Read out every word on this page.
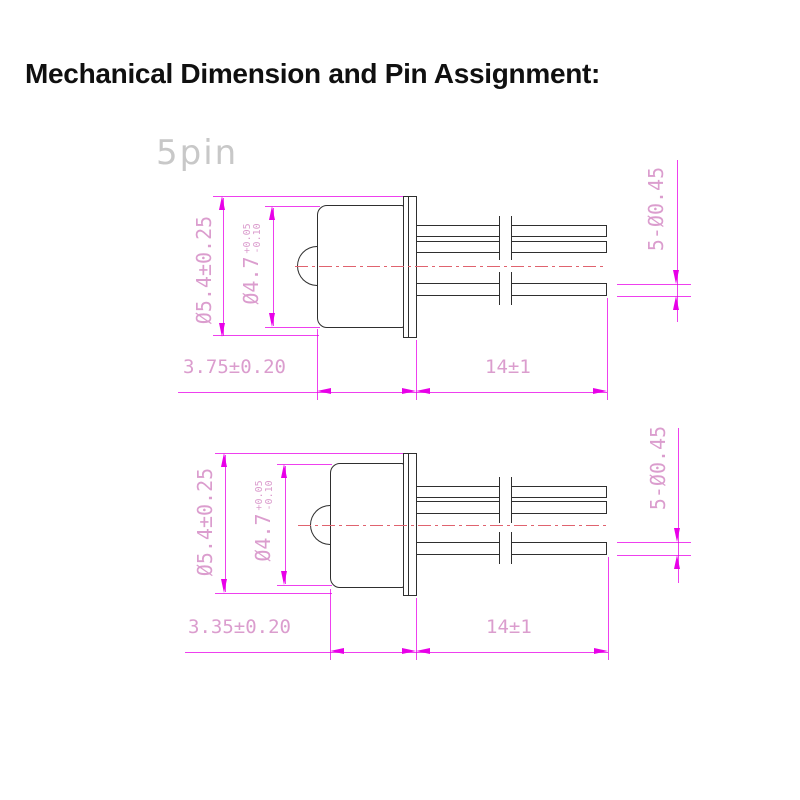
Mechanical Dimension and Pin Assignment:
5pin
Ø5.4±0.25 Ø4.7
+0.05 -0.10
3.75±0.20	14±1
5-Ø0.45
Ø5.4±0.25 Ø4.7
+0.05 -0.10
3.35±0.20	14±1
5-Ø0.45
